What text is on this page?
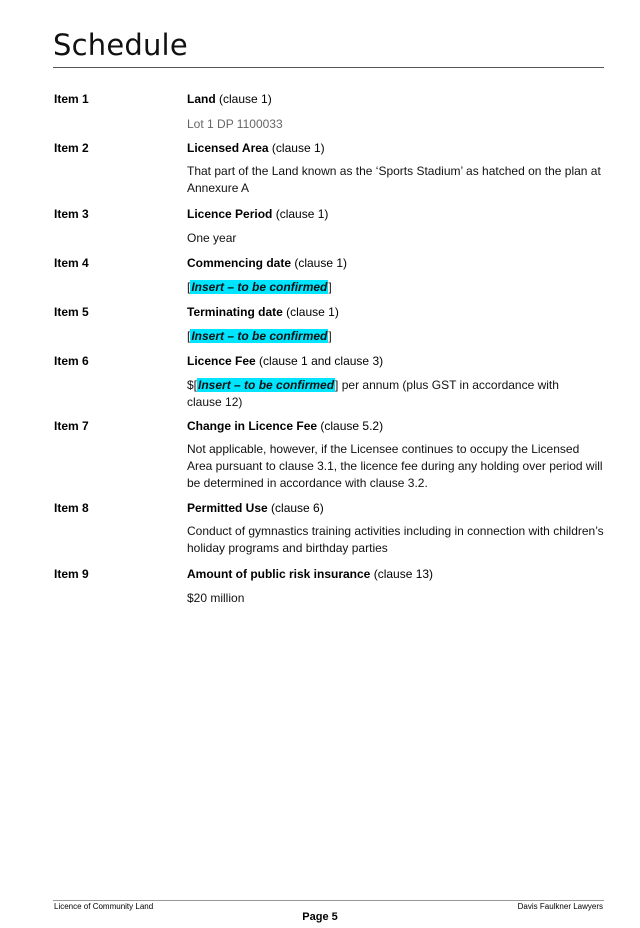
Schedule
Item 1	Land (clause 1)
Lot 1 DP 1100033
Item 2	Licensed Area (clause 1)
That part of the Land known as the ‘Sports Stadium’ as hatched on the plan at Annexure A
Item 3	Licence Period (clause 1)
One year
Item 4	Commencing date (clause 1)
[Insert – to be confirmed]
Item 5	Terminating date (clause 1)
[Insert – to be confirmed]
Item 6	Licence Fee (clause 1 and clause 3)
$[Insert – to be confirmed] per annum (plus GST in accordance with
clause 12)
Item 7	Change in Licence Fee (clause 5.2)
Not applicable, however, if the Licensee continues to occupy the Licensed Area pursuant to clause 3.1, the licence fee during any holding over period will be determined in accordance with clause 3.2.
Item 8	Permitted Use (clause 6)
Conduct of gymnastics training activities including in connection with children’s holiday programs and birthday parties
Item 9	Amount of public risk insurance (clause 13)
$20 million
Licence of Community Land	Davis Faulkner Lawyers
Page 5
